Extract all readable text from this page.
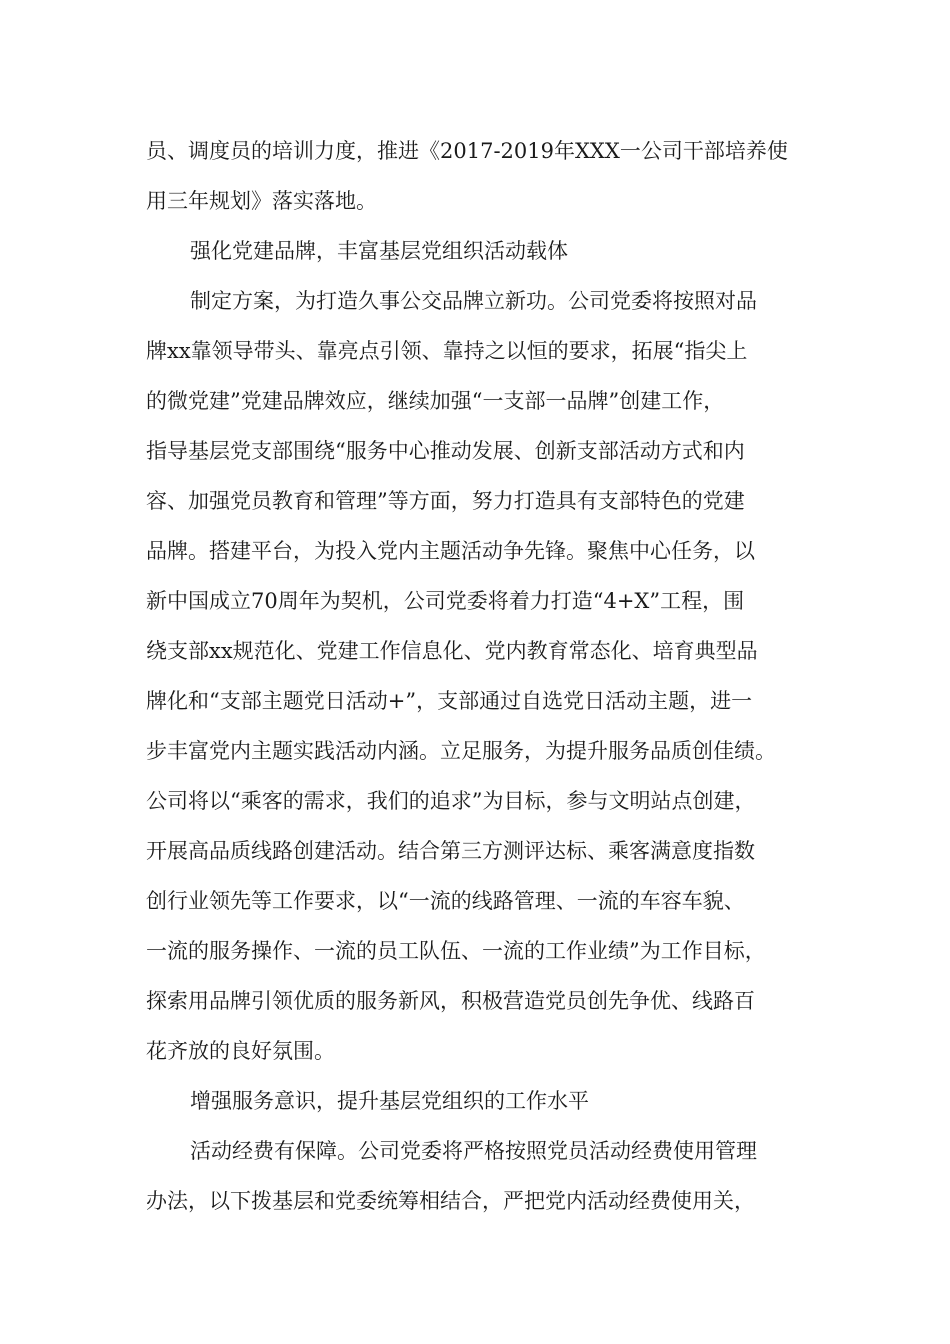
员、调度员的培训力度，推进《2017-2019年XXX一公司干部培养使
用三年规划》落实落地。
强化党建品牌，丰富基层党组织活动载体
制定方案，为打造久事公交品牌立新功。公司党委将按照对品
牌xx靠领导带头、靠亮点引领、靠持之以恒的要求，拓展“指尖上
的微党建”党建品牌效应，继续加强“一支部一品牌”创建工作，
指导基层党支部围绕“服务中心推动发展、创新支部活动方式和内
容、加强党员教育和管理”等方面，努力打造具有支部特色的党建
品牌。搭建平台，为投入党内主题活动争先锋。聚焦中心任务，以
新中国成立70周年为契机，公司党委将着力打造“4+X”工程，围
绕支部xx规范化、党建工作信息化、党内教育常态化、培育典型品
牌化和“支部主题党日活动+”，支部通过自选党日活动主题，进一
步丰富党内主题实践活动内涵。立足服务，为提升服务品质创佳绩。
公司将以“乘客的需求，我们的追求”为目标，参与文明站点创建，
开展高品质线路创建活动。结合第三方测评达标、乘客满意度指数
创行业领先等工作要求，以“一流的线路管理、一流的车容车貌、
一流的服务操作、一流的员工队伍、一流的工作业绩”为工作目标，
探索用品牌引领优质的服务新风，积极营造党员创先争优、线路百
花齐放的良好氛围。
增强服务意识，提升基层党组织的工作水平
活动经费有保障。公司党委将严格按照党员活动经费使用管理
办法，以下拨基层和党委统筹相结合，严把党内活动经费使用关，
